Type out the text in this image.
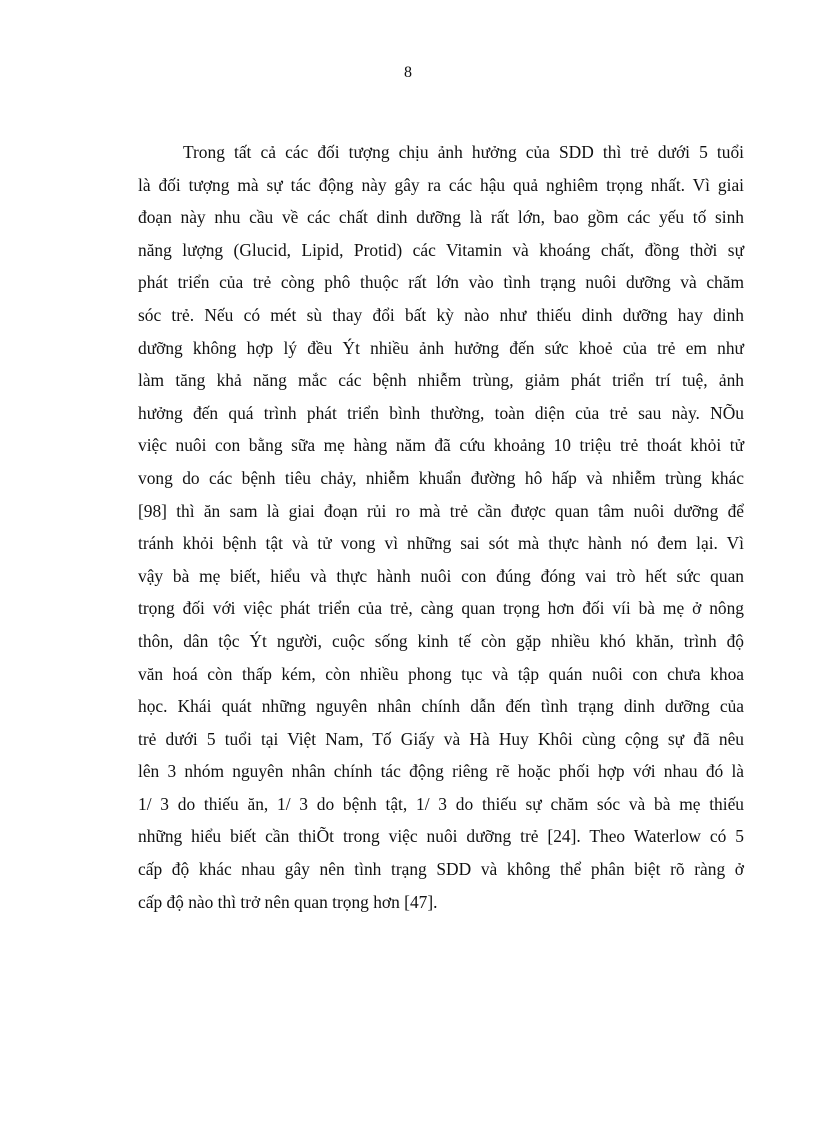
8
Trong tất cả các đối tượng chịu ảnh hưởng của SDD thì trẻ dưới 5 tuổi
là đối tượng mà sự tác động này gây ra các hậu quả nghiêm trọng nhất. Vì giai
đoạn này nhu cầu về các chất dinh dưỡng là rất lớn, bao gồm các yếu tố sinh
năng lượng (Glucid, Lipid, Protid) các Vitamin và khoáng chất, đồng thời sự
phát triển của trẻ còng phô thuộc rất lớn vào tình trạng nuôi dưỡng và chăm
sóc trẻ. Nếu có mét sù thay đổi bất kỳ nào như thiếu dinh dưỡng hay dinh
dưỡng không hợp lý đều Ýt nhiều ảnh hưởng đến sức khoẻ của trẻ em như
làm tăng khả năng mắc các bệnh nhiễm trùng, giảm phát triển trí tuệ, ảnh
hưởng đến quá trình phát triển bình thường, toàn diện của trẻ sau này. NÕu
việc nuôi con bằng sữa mẹ hàng năm đã cứu khoảng 10 triệu trẻ thoát khỏi tử
vong do các bệnh tiêu chảy, nhiễm khuẩn đường hô hấp và nhiễm trùng khác
[98] thì ăn sam là giai đoạn rủi ro mà trẻ cần được quan tâm nuôi dưỡng để
tránh khỏi bệnh tật và tử vong vì những sai sót mà thực hành nó đem lại. Vì
vậy bà mẹ biết, hiểu và thực hành nuôi con đúng đóng vai trò hết sức quan
trọng đối với việc phát triển của trẻ, càng quan trọng hơn đối víi bà mẹ ở nông
thôn, dân tộc Ýt người, cuộc sống kinh tế còn gặp nhiều khó khăn, trình độ
văn hoá còn thấp kém, còn nhiều phong tục và tập quán nuôi con chưa khoa
học. Khái quát những nguyên nhân chính dẫn đến tình trạng dinh dưỡng của
trẻ dưới 5 tuổi tại Việt Nam, Tố Giấy và Hà Huy Khôi cùng cộng sự đã nêu
lên 3 nhóm nguyên nhân chính tác động riêng rẽ hoặc phối hợp với nhau đó là
1/ 3 do thiếu ăn, 1/ 3 do bệnh tật, 1/ 3 do thiếu sự chăm sóc và bà mẹ thiếu
những hiểu biết cần thiÕt trong việc nuôi dưỡng trẻ [24]. Theo Waterlow có 5
cấp độ khác nhau gây nên tình trạng SDD và không thể phân biệt rõ ràng ở
cấp độ nào thì trở nên quan trọng hơn [47].
